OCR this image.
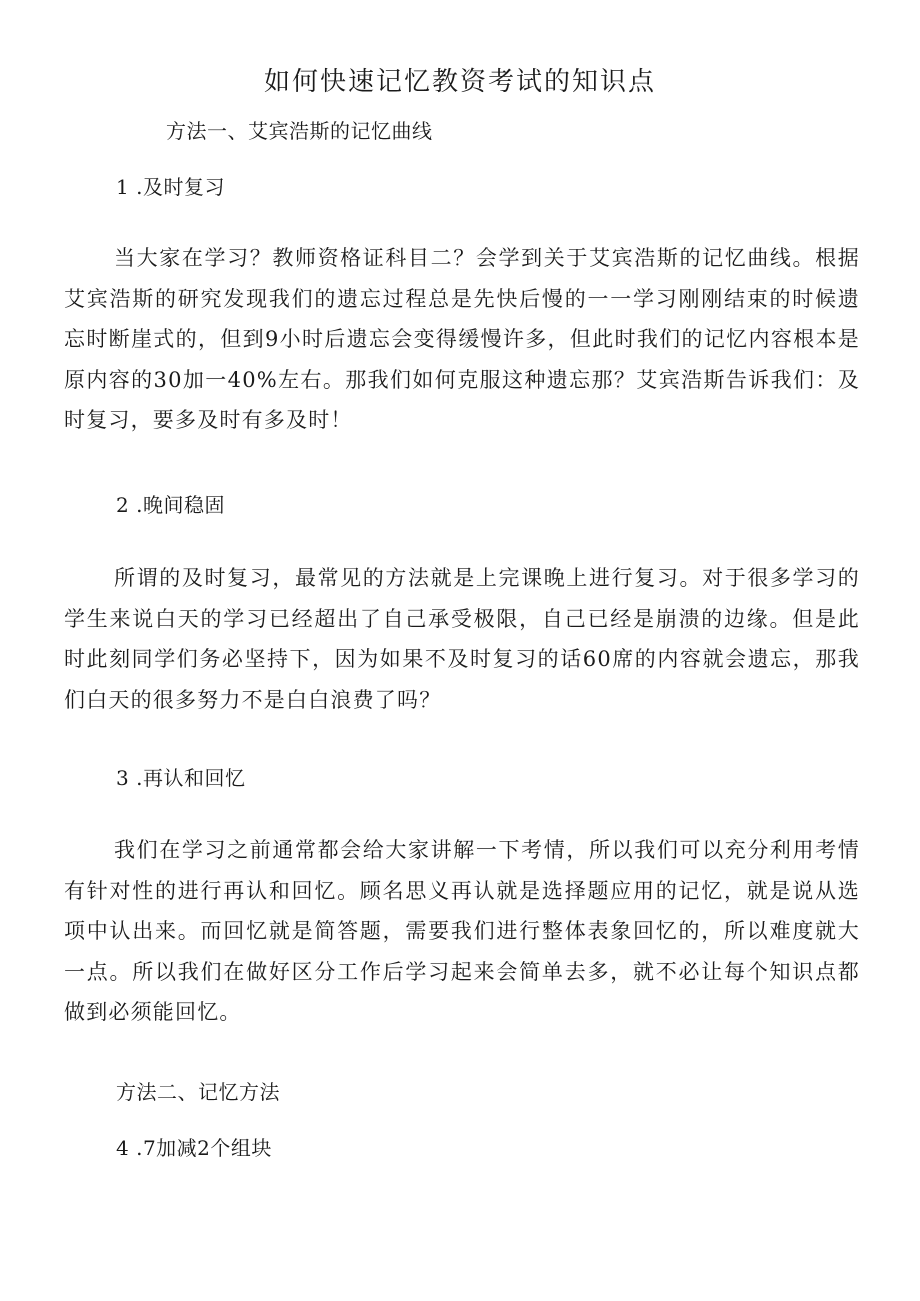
如何快速记忆教资考试的知识点
方法一、艾宾浩斯的记忆曲线
1 .及时复习
当大家在学习？教师资格证科目二？会学到关于艾宾浩斯的记忆曲线。根据艾宾浩斯的研究发现我们的遗忘过程总是先快后慢的一一学习刚刚结束的时候遗忘时断崖式的，但到9小时后遗忘会变得缓慢许多，但此时我们的记忆内容根本是原内容的30加一40%左右。那我们如何克服这种遗忘那？艾宾浩斯告诉我们：及时复习，要多及时有多及时！
2 .晚间稳固
所谓的及时复习，最常见的方法就是上完课晚上进行复习。对于很多学习的学生来说白天的学习已经超出了自己承受极限，自己已经是崩溃的边缘。但是此时此刻同学们务必坚持下，因为如果不及时复习的话60席的内容就会遗忘，那我们白天的很多努力不是白白浪费了吗？
3 .再认和回忆
我们在学习之前通常都会给大家讲解一下考情，所以我们可以充分利用考情有针对性的进行再认和回忆。顾名思义再认就是选择题应用的记忆，就是说从选项中认出来。而回忆就是简答题，需要我们进行整体表象回忆的，所以难度就大一点。所以我们在做好区分工作后学习起来会简单去多，就不必让每个知识点都做到必须能回忆。
方法二、记忆方法
4 .7加减2个组块
